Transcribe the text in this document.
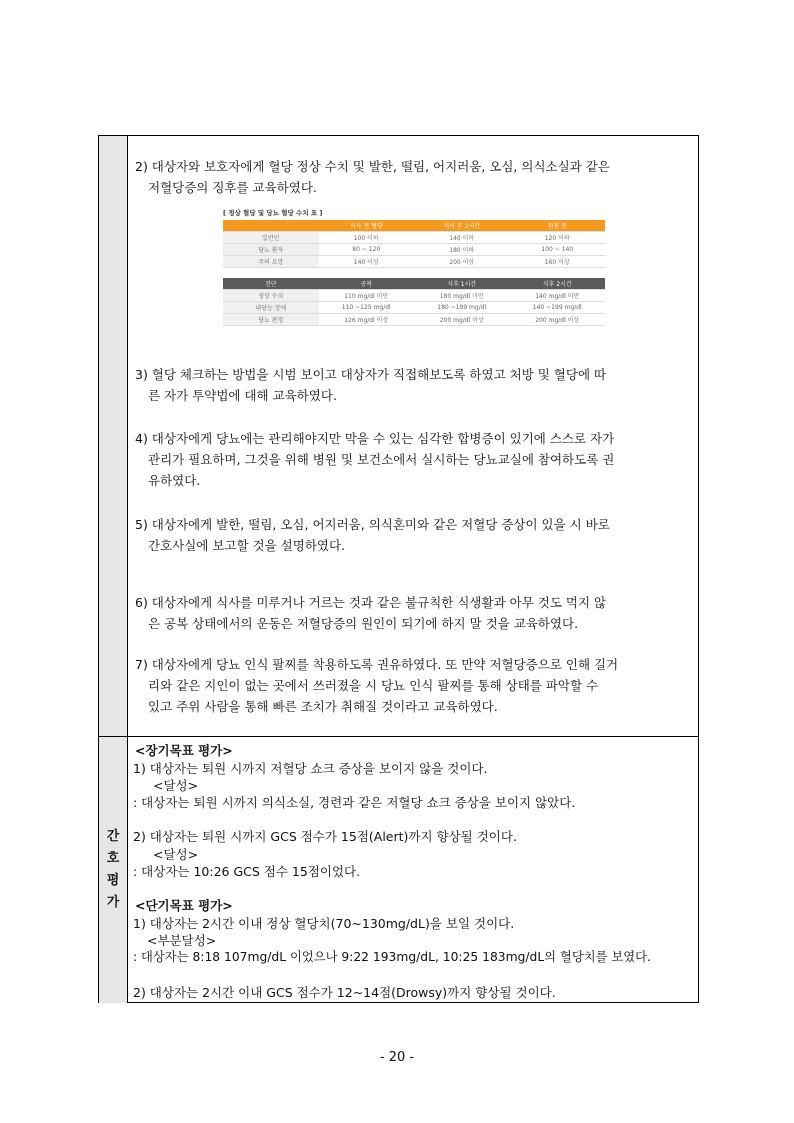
간
호
평
가
2) 대상자와 보호자에게 혈당 정상 수치 및 발한, 떨림, 어지러움, 오심, 의식소실과 같은
저혈당증의 징후를 교육하였다.
[ 정상 혈당 및 당뇨 혈당 수치 표 ]
	식사 전 혈당	식사 후 2시간	취침 전
일반인	100 이하	140 이하	120 이하
당뇨 환자	80 ~ 120	180 이하	100 ~ 140
주의 요망	140 이상	200 이상	160 이상
진단	공복	식후 1시간	식후 2시간
정상 수치	110 mg/dl 미만	180 mg/dl 미만	140 mg/dl 미만
내당능 장애	110 ~125 mg/dl	180 ~199 mg/dl	140 ~199 mg/dl
당뇨 판정	126 mg/dl 이상	200 mg/dl 이상	200 mg/dl 이상
3) 혈당 체크하는 방법을 시범 보이고 대상자가 직접해보도록 하였고 처방 및 혈당에 따
른 자가 투약법에 대해 교육하였다.
4) 대상자에게 당뇨에는 관리해야지만 막을 수 있는 심각한 합병증이 있기에 스스로 자가
관리가 필요하며, 그것을 위해 병원 및 보건소에서 실시하는 당뇨교실에 참여하도록 권
유하였다.
5) 대상자에게 발한, 떨림, 오심, 어지러움, 의식혼미와 같은 저혈당 증상이 있을 시 바로
간호사실에 보고할 것을 설명하였다.
6) 대상자에게 식사를 미루거나 거르는 것과 같은 불규칙한 식생활과 아무 것도 먹지 않
은 공복 상태에서의 운동은 저혈당증의 원인이 되기에 하지 말 것을 교육하였다.
7) 대상자에게 당뇨 인식 팔찌를 착용하도록 권유하였다. 또 만약 저혈당증으로 인해 길거
리와 같은 지인이 없는 곳에서 쓰러졌을 시 당뇨 인식 팔찌를 통해 상태를 파악할 수
있고 주위 사람을 통해 빠른 조치가 취해질 것이라고 교육하였다.
<장기목표 평가>
1) 대상자는 퇴원 시까지 저혈당 쇼크 증상을 보이지 않을 것이다.
<달성>
: 대상자는 퇴원 시까지 의식소실, 경련과 같은 저혈당 쇼크 증상을 보이지 않았다.
2) 대상자는 퇴원 시까지 GCS 점수가 15점(Alert)까지 향상될 것이다.
<달성>
: 대상자는 10:26 GCS 점수 15점이었다.
<단기목표 평가>
1) 대상자는 2시간 이내 정상 혈당치(70~130mg/dL)을 보일 것이다.
<부분달성>
: 대상자는 8:18 107mg/dL 이었으나 9:22 193mg/dL, 10:25 183mg/dL의 혈당치를 보였다.
2) 대상자는 2시간 이내 GCS 점수가 12~14점(Drowsy)까지 향상될 것이다.
- 20 -
